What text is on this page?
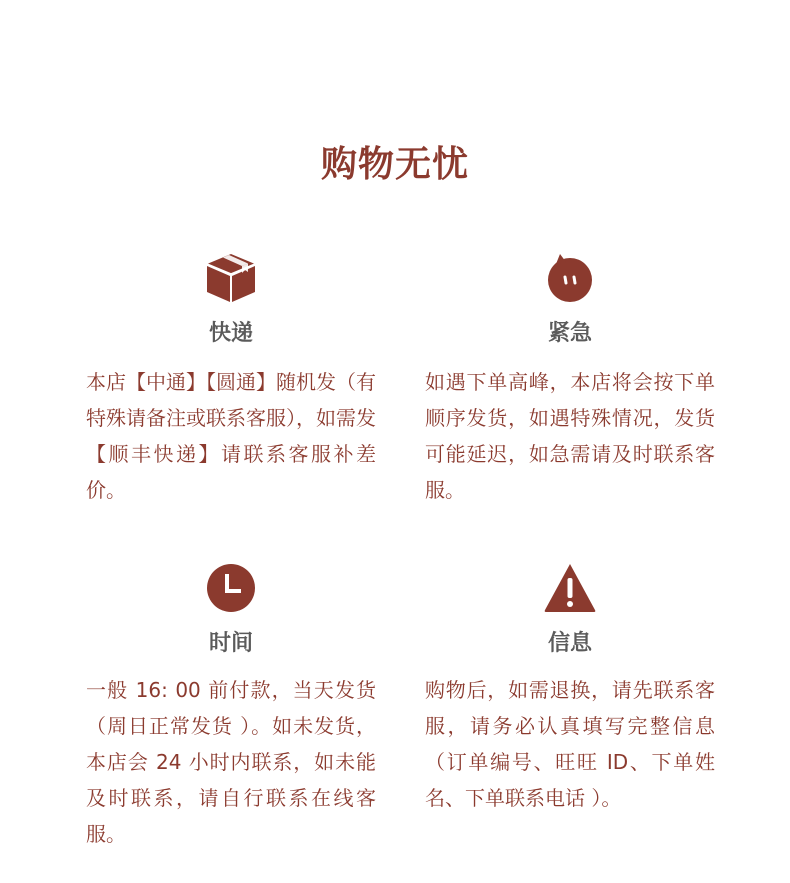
购物无忧
快递
本店【中通】【圆通】随机发（有特殊请备注或联系客服），如需发【顺丰快递】请联系客服补差价。
紧急
如遇下单高峰，本店将会按下单顺序发货，如遇特殊情况，发货可能延迟，如急需请及时联系客服。
时间
一般 16: 00 前付款，当天发货（周日正常发货 ）。如未发货，本店会 24 小时内联系，如未能及时联系，请自行联系在线客服。
信息
购物后，如需退换，请先联系客服，请务必认真填写完整信息（订单编号、旺旺 ID、下单姓名、下单联系电话 ）。
